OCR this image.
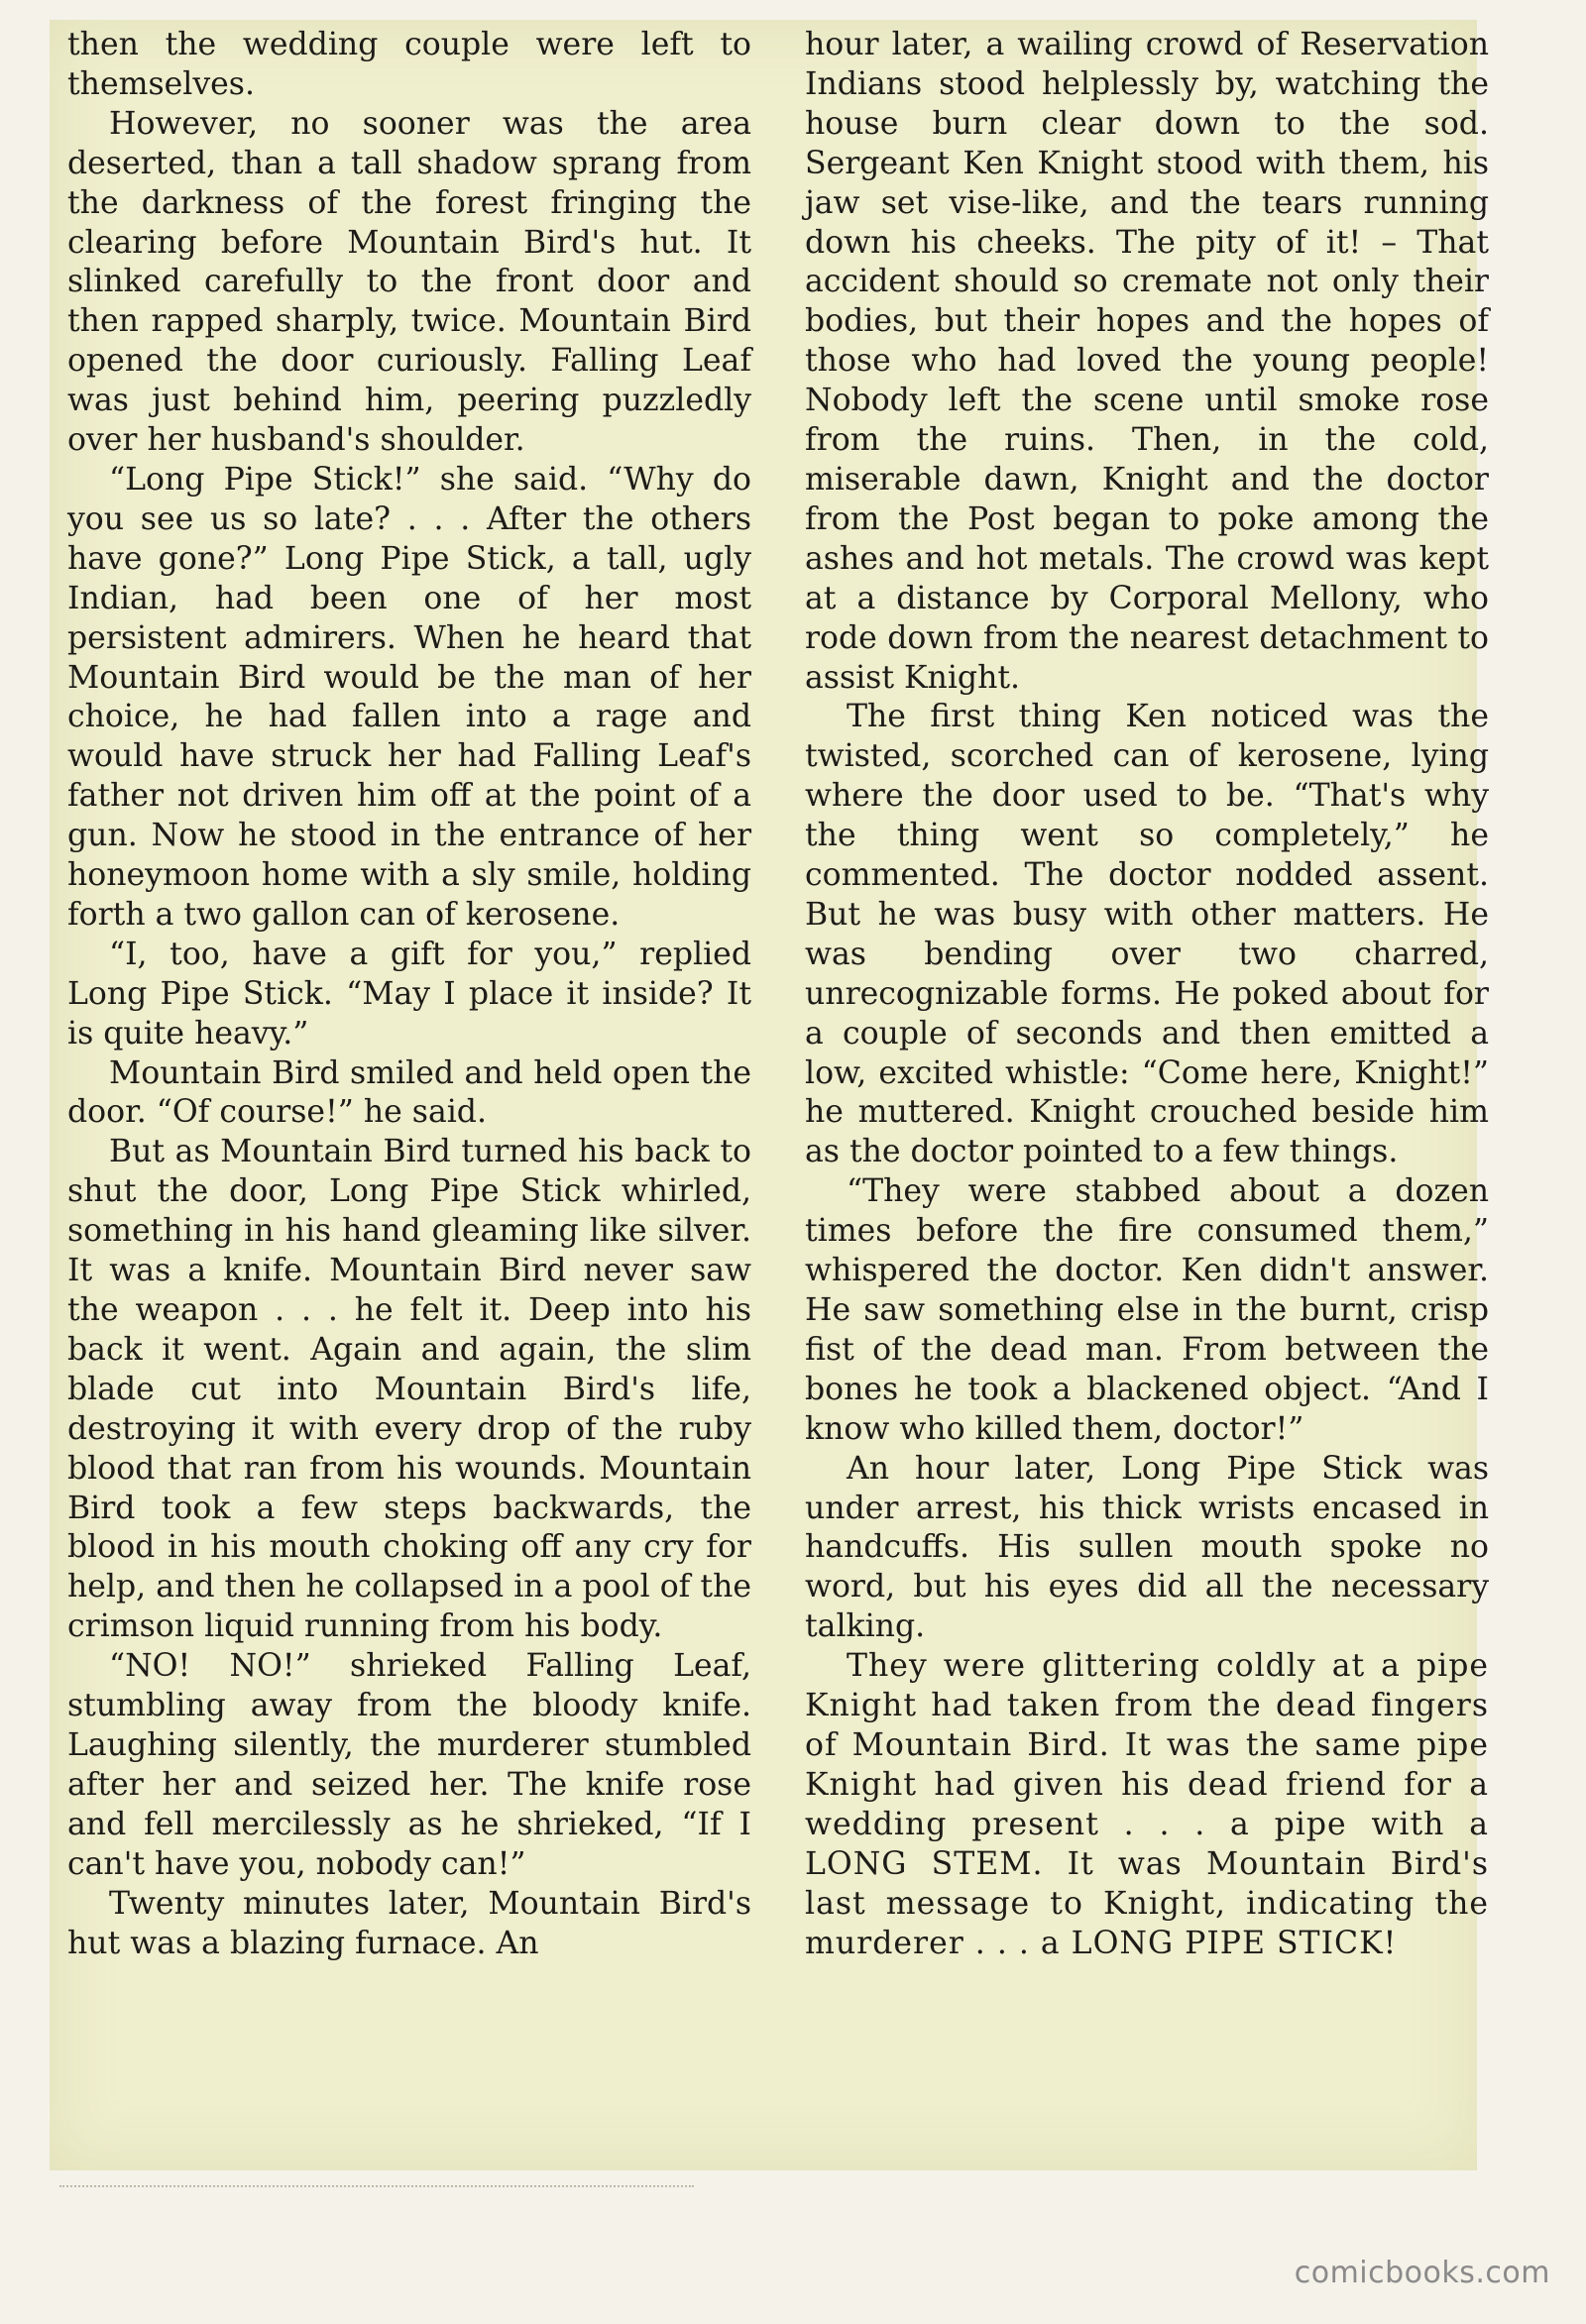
then the wedding couple were left to themselves.

However, no sooner was the area deserted, than a tall shadow sprang from the darkness of the forest fringing the clearing before Mountain Bird's hut. It slinked carefully to the front door and then rapped sharply, twice. Mountain Bird opened the door curiously. Falling Leaf was just behind him, peering puzzledly over her husband's shoulder.

“Long Pipe Stick!” she said. “Why do you see us so late? . . . After the others have gone?” Long Pipe Stick, a tall, ugly Indian, had been one of her most persistent admirers. When he heard that Mountain Bird would be the man of her choice, he had fallen into a rage and would have struck her had Falling Leaf's father not driven him off at the point of a gun. Now he stood in the entrance of her honeymoon home with a sly smile, holding forth a two gallon can of kerosene.

“I, too, have a gift for you,” replied Long Pipe Stick. “May I place it inside? It is quite heavy.”

Mountain Bird smiled and held open the door. “Of course!” he said.

But as Mountain Bird turned his back to shut the door, Long Pipe Stick whirled, something in his hand gleaming like silver. It was a knife. Mountain Bird never saw the weapon . . . he felt it. Deep into his back it went. Again and again, the slim blade cut into Mountain Bird's life, destroying it with every drop of the ruby blood that ran from his wounds. Mountain Bird took a few steps backwards, the blood in his mouth choking off any cry for help, and then he collapsed in a pool of the crimson liquid running from his body.

“NO! NO!” shrieked Falling Leaf, stumbling away from the bloody knife. Laughing silently, the murderer stumbled after her and seized her. The knife rose and fell mercilessly as he shrieked, “If I can't have you, nobody can!”

Twenty minutes later, Mountain Bird's hut was a blazing furnace. An

hour later, a wailing crowd of Reservation Indians stood helplessly by, watching the house burn clear down to the sod. Sergeant Ken Knight stood with them, his jaw set vise-like, and the tears running down his cheeks. The pity of it! – That accident should so cremate not only their bodies, but their hopes and the hopes of those who had loved the young people! Nobody left the scene until smoke rose from the ruins. Then, in the cold, miserable dawn, Knight and the doctor from the Post began to poke among the ashes and hot metals. The crowd was kept at a distance by Corporal Mellony, who rode down from the nearest detachment to assist Knight.

The first thing Ken noticed was the twisted, scorched can of kerosene, lying where the door used to be. “That's why the thing went so completely,” he commented. The doctor nodded assent. But he was busy with other matters. He was bending over two charred, unrecognizable forms. He poked about for a couple of seconds and then emitted a low, excited whistle: “Come here, Knight!” he muttered. Knight crouched beside him as the doctor pointed to a few things.

“They were stabbed about a dozen times before the fire consumed them,” whispered the doctor. Ken didn't answer. He saw something else in the burnt, crisp fist of the dead man. From between the bones he took a blackened object. “And I know who killed them, doctor!”

An hour later, Long Pipe Stick was under arrest, his thick wrists encased in handcuffs. His sullen mouth spoke no word, but his eyes did all the necessary talking.

They were glittering coldly at a pipe Knight had taken from the dead fingers of Mountain Bird. It was the same pipe Knight had given his dead friend for a wedding present . . . a pipe with a LONG STEM. It was Mountain Bird's last message to Knight, indicating the murderer . . . a LONG PIPE STICK!

comicbooks.com
